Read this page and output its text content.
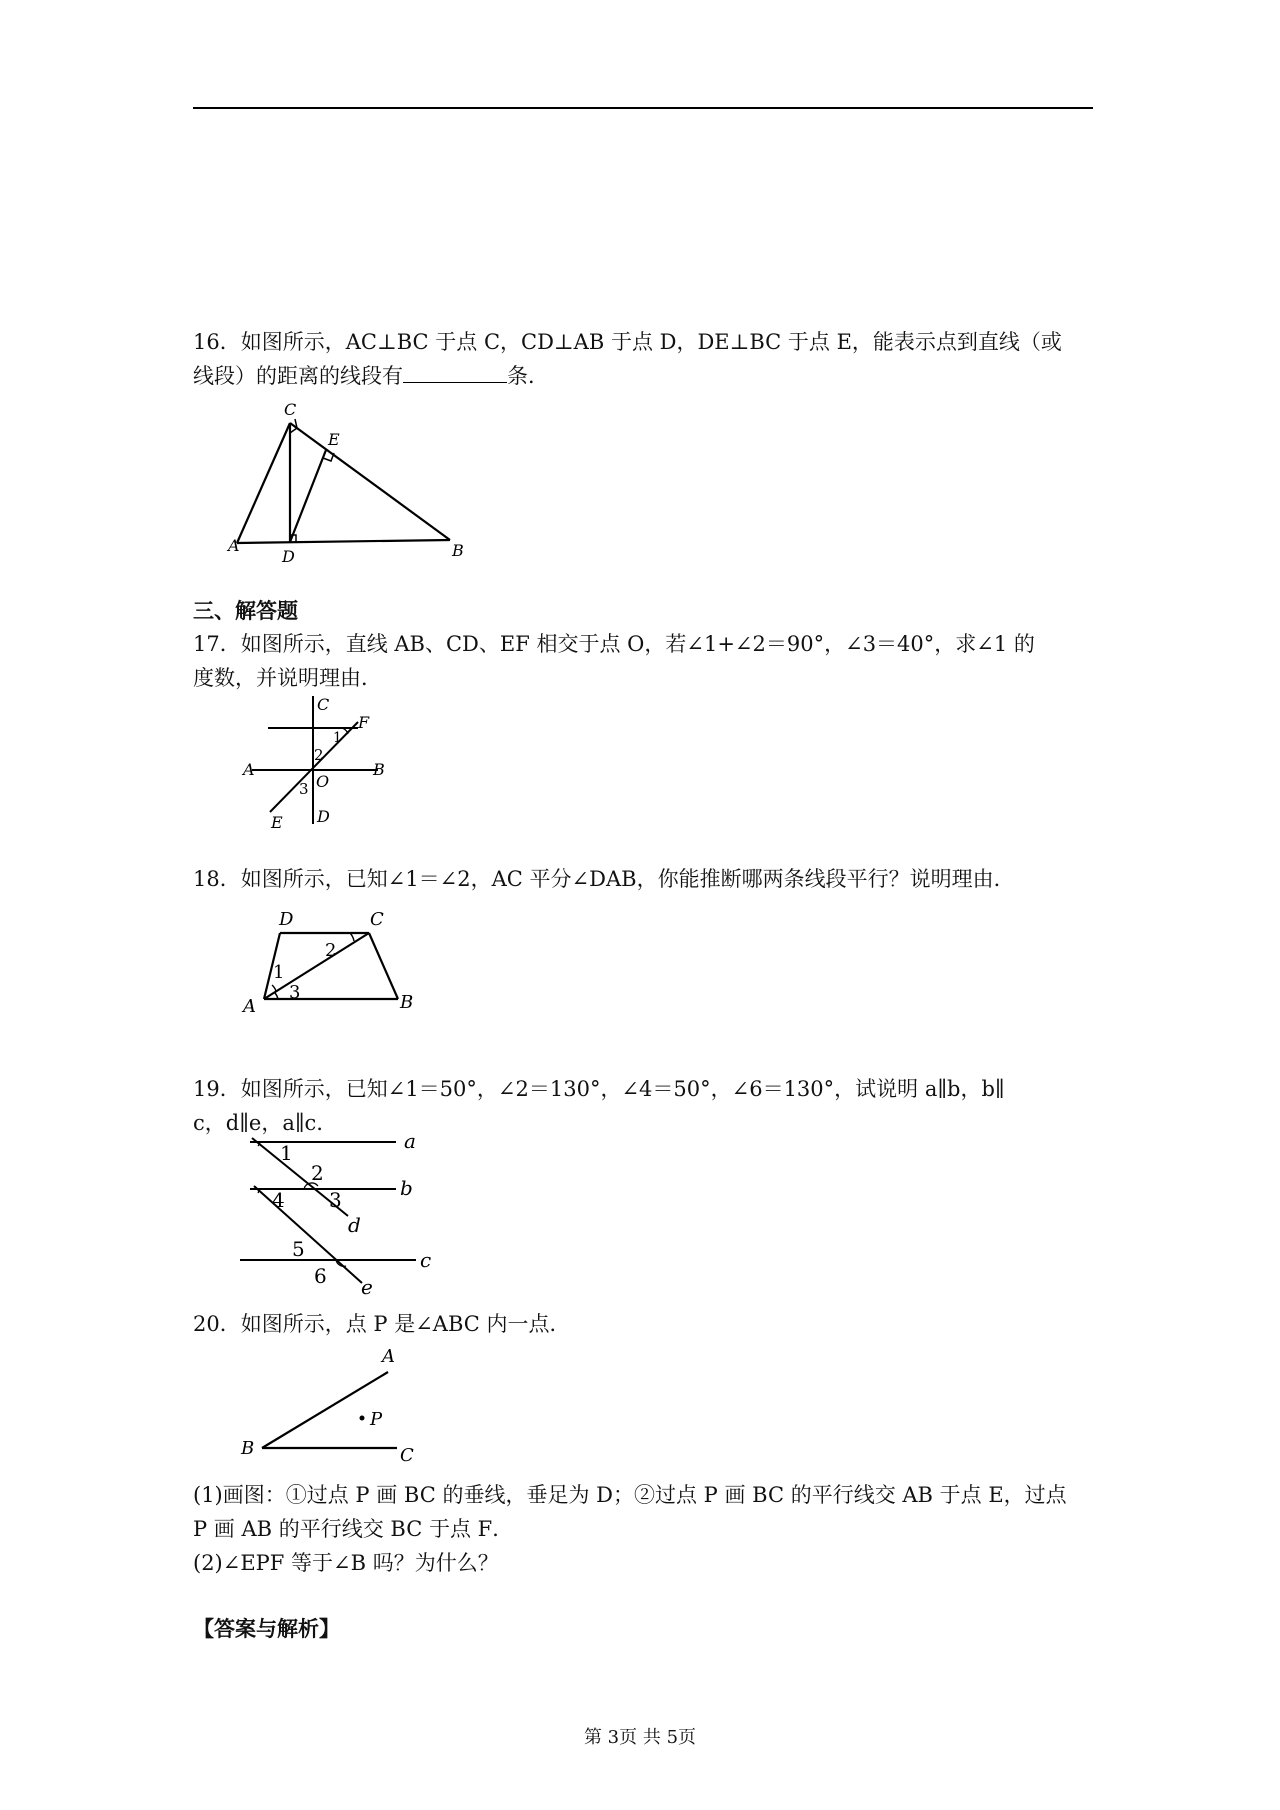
16．如图所示，AC⊥BC 于点 C，CD⊥AB 于点 D，DE⊥BC 于点 E，能表示点到直线（或
线段）的距离的线段有	条．
C
E
A
D	B
三、解答题
17．如图所示，直线 AB、CD、EF 相交于点 O，若∠1+∠2＝90°，∠3＝40°，求∠1 的
度数，并说明理由．
C
F
1
2
A	B
O
3
E D
18．如图所示，已知∠1＝∠2，AC 平分∠DAB，你能推断哪两条线段平行？说明理由．
D	C
2
1
3
A	B
19．如图所示，已知∠1＝50°，∠2＝130°，∠4＝50°，∠6＝130°，试说明 a∥b，b∥
c，d∥e，a∥c．
1	a
2
4 3	b
d
5	c
6 e
20．如图所示，点 P 是∠ABC 内一点．
A
P
B	C
(1)画图：①过点 P 画 BC 的垂线，垂足为 D；②过点 P 画 BC 的平行线交 AB 于点 E，过点
P 画 AB 的平行线交 BC 于点 F．
(2)∠EPF 等于∠B 吗？为什么？
【答案与解析】
第 3页 共 5页
